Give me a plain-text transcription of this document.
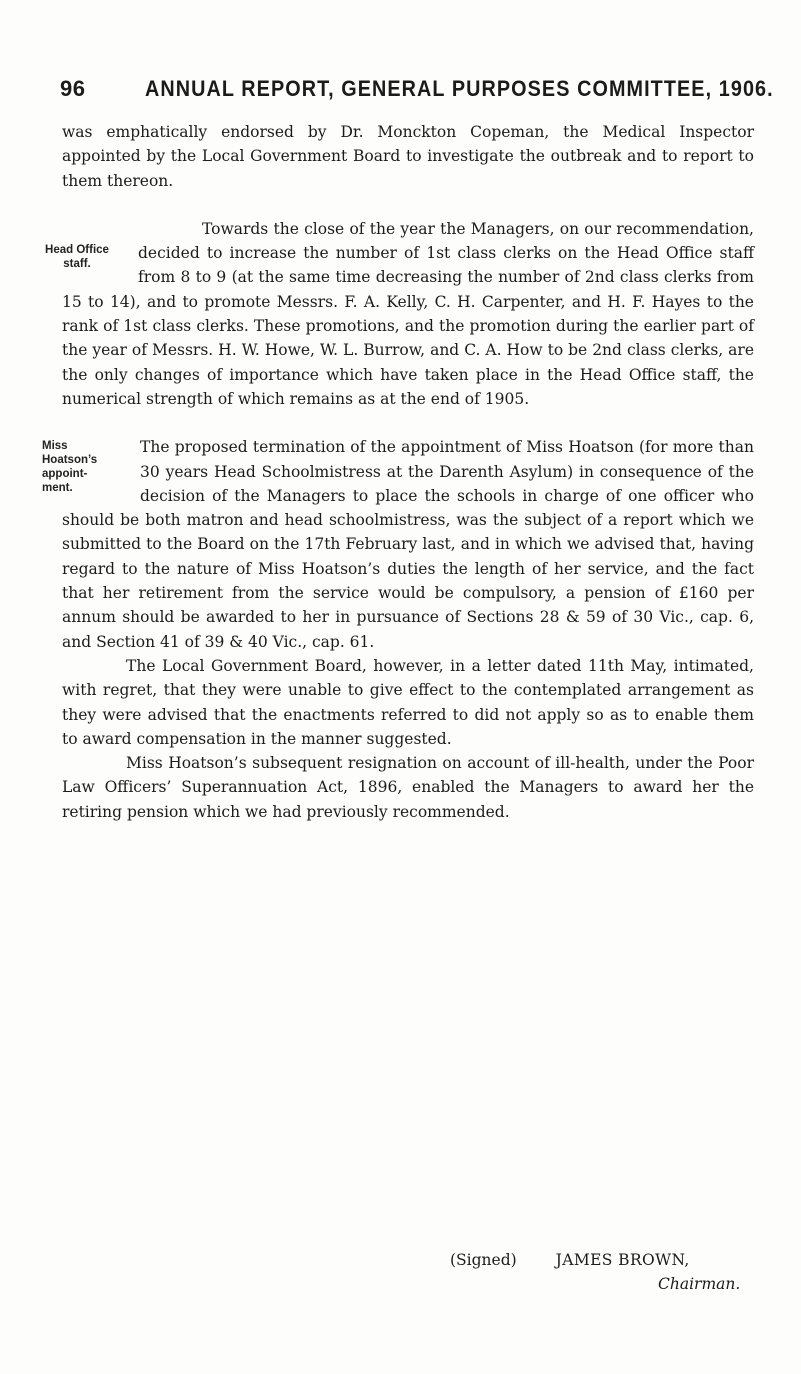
96	ANNUAL REPORT, GENERAL PURPOSES COMMITTEE, 1906.

was emphatically endorsed by Dr. Monckton Copeman, the Medical Inspector appointed by the Local Government Board to investigate the outbreak and to report to them thereon.

Head Office
staff.

Towards the close of the year the Managers, on our recommendation, decided to increase the number of 1st class clerks on the Head Office staff from 8 to 9 (at the same time decreasing the number of 2nd class clerks from 15 to 14), and to promote Messrs. F. A. Kelly, C. H. Carpenter, and H. F. Hayes to the rank of 1st class clerks. These promotions, and the promotion during the earlier part of the year of Messrs. H. W. Howe, W. L. Burrow, and C. A. How to be 2nd class clerks, are the only changes of importance which have taken place in the Head Office staff, the numerical strength of which remains as at the end of 1905.

Miss
Hoatson’s
appoint-
ment.

The proposed termination of the appointment of Miss Hoatson (for more than 30 years Head Schoolmistress at the Darenth Asylum) in consequence of the decision of the Managers to place the schools in charge of one officer who should be both matron and head schoolmistress, was the subject of a report which we submitted to the Board on the 17th February last, and in which we advised that, having regard to the nature of Miss Hoatson’s duties the length of her service, and the fact that her retirement from the service would be compulsory, a pension of £160 per annum should be awarded to her in pursuance of Sections 28 & 59 of 30 Vic., cap. 6, and Section 41 of 39 & 40 Vic., cap. 61.

The Local Government Board, however, in a letter dated 11th May, intimated, with regret, that they were unable to give effect to the contemplated arrangement as they were advised that the enactments referred to did not apply so as to enable them to award compensation in the manner suggested.

Miss Hoatson’s subsequent resignation on account of ill-health, under the Poor Law Officers’ Superannuation Act, 1896, enabled the Managers to award her the retiring pension which we had previously recommended.

(Signed)	JAMES BROWN,
Chairman.
